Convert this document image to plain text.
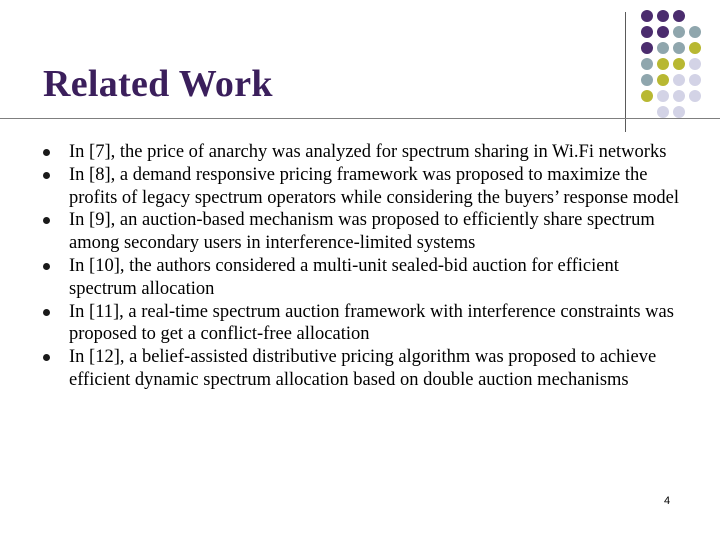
Related Work
In [7], the price of anarchy was analyzed for spectrum sharing in Wi.Fi networks
In [8], a demand responsive pricing framework was proposed to maximize the profits of legacy spectrum operators while considering the buyers’ response model
In [9], an auction-based mechanism was proposed to efficiently share spectrum among secondary users in interference-limited systems
In [10], the authors considered a multi-unit sealed-bid auction for efficient spectrum allocation
In [11], a real-time spectrum auction framework with interference constraints was proposed to get a conflict-free allocation
In [12], a belief-assisted distributive pricing algorithm was proposed to achieve efficient dynamic spectrum allocation based on double auction mechanisms
4
